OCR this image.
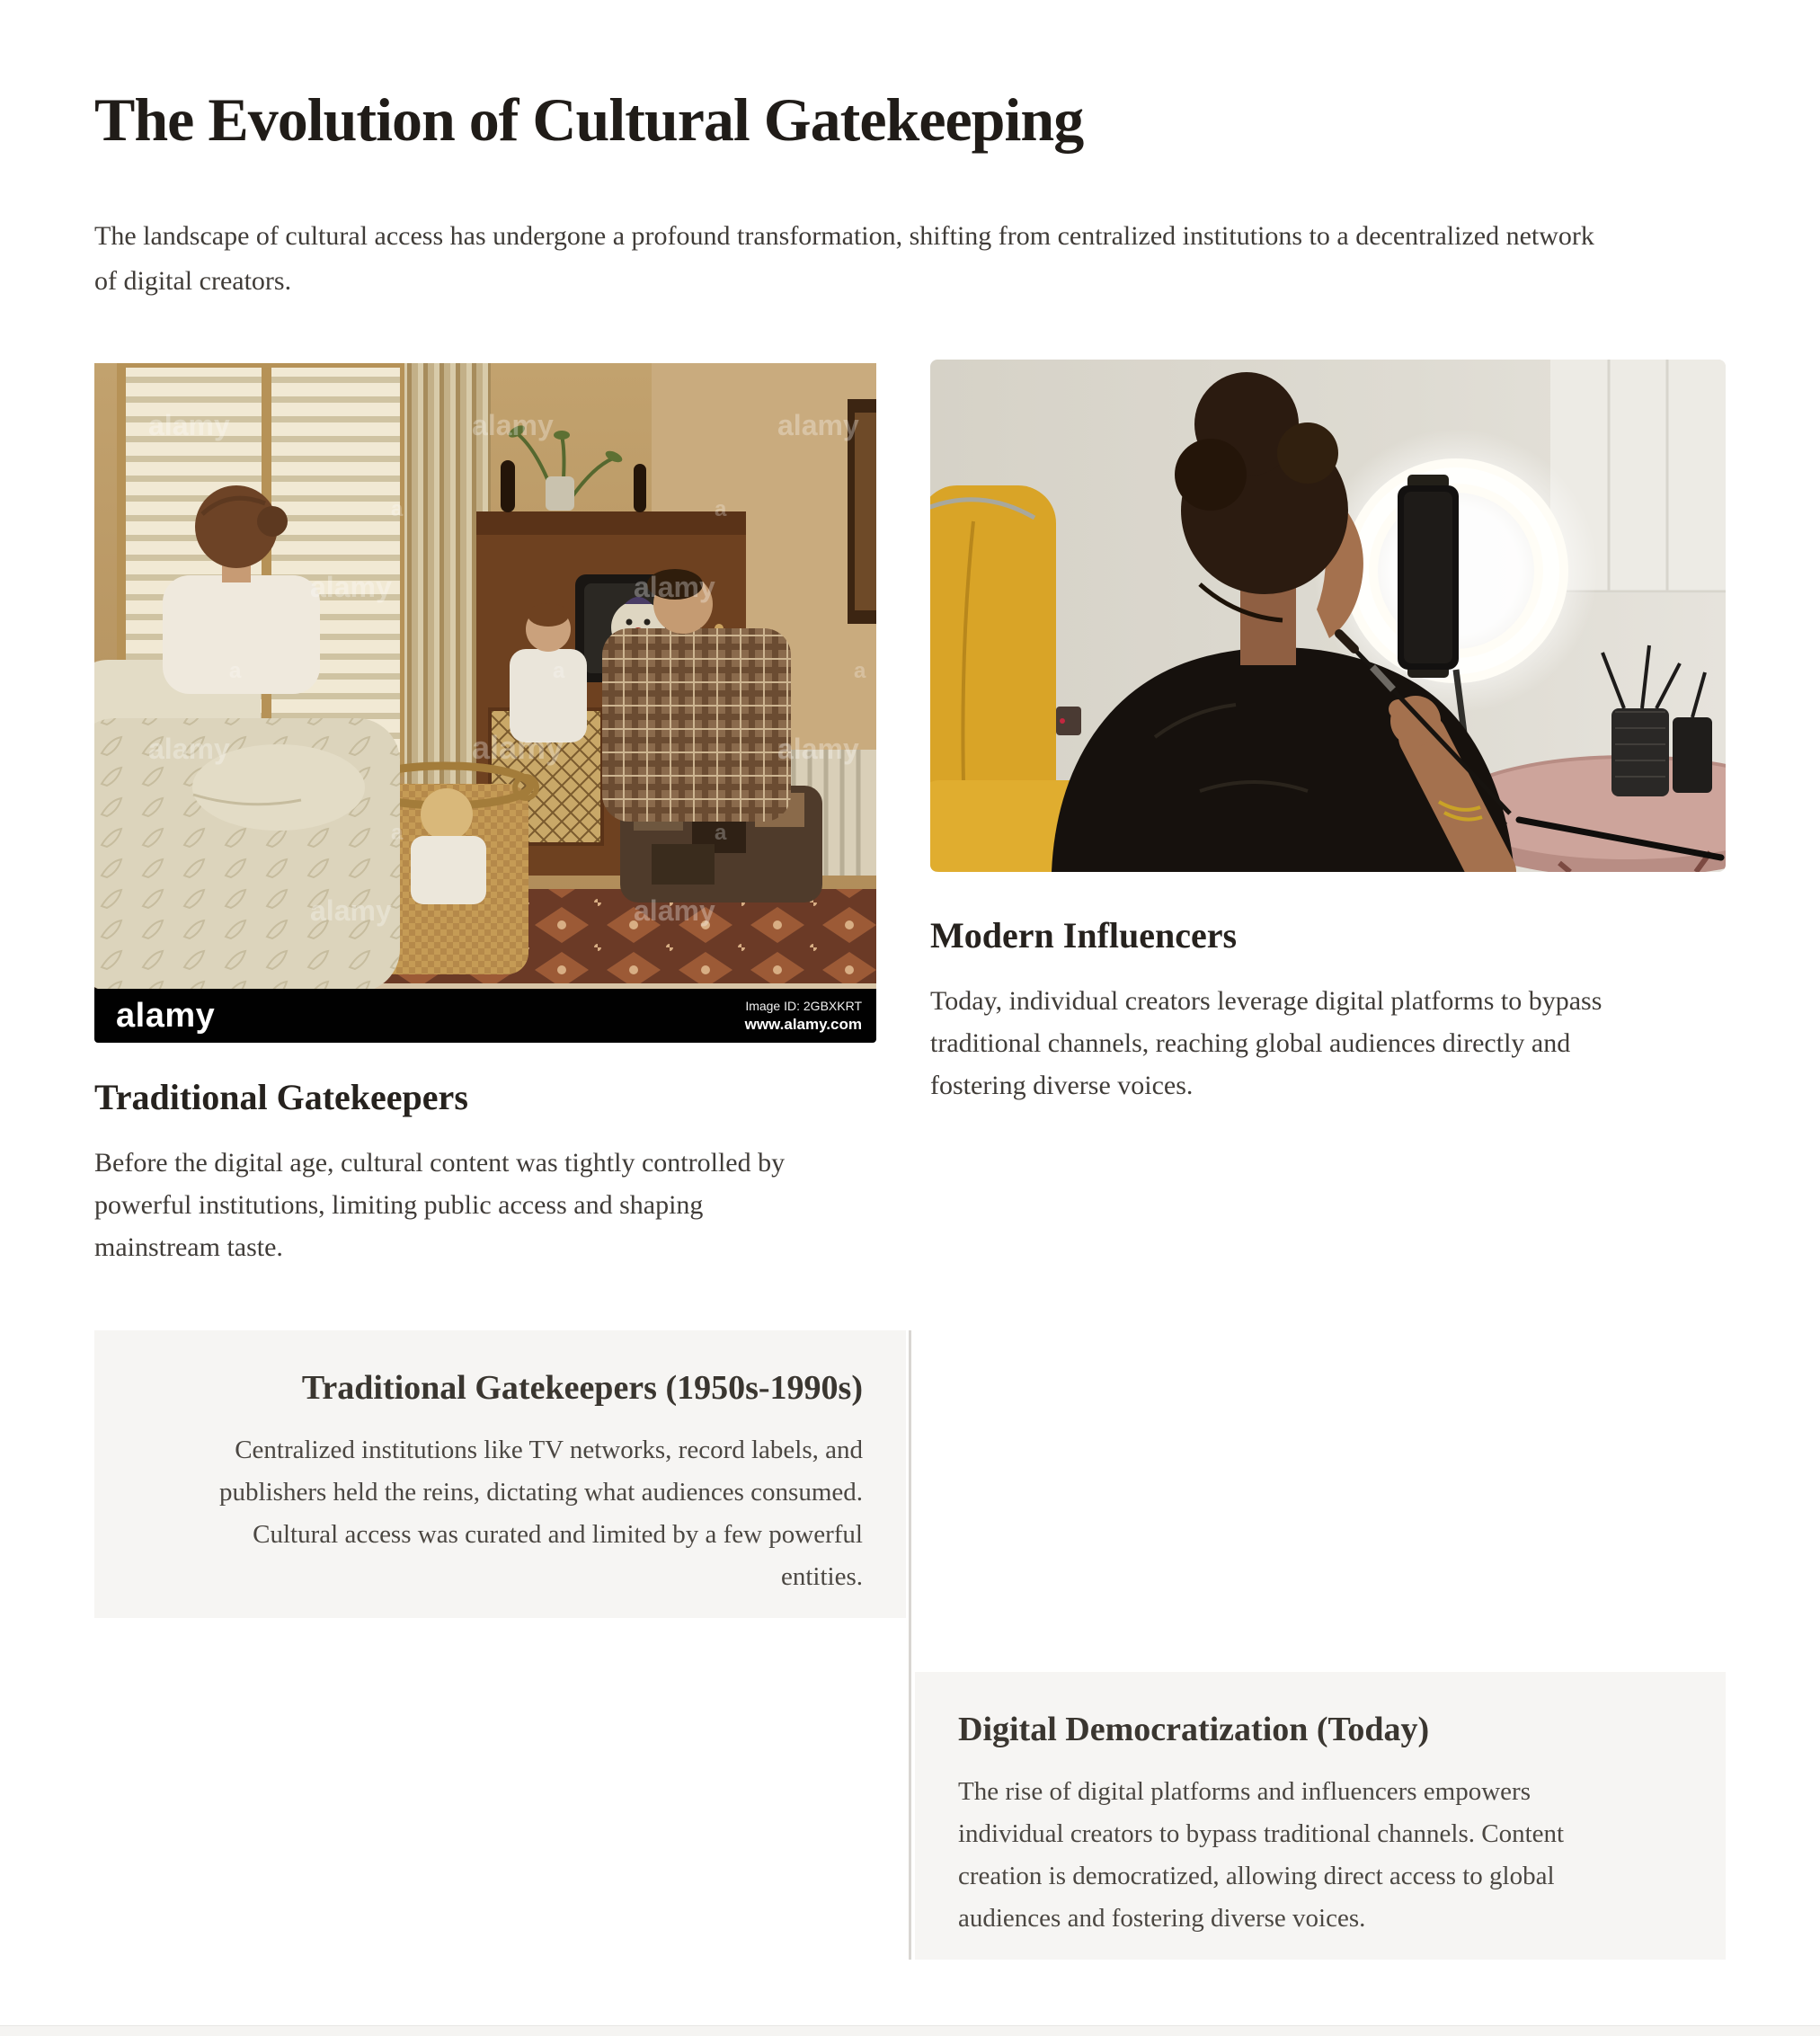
The Evolution of Cultural Gatekeeping

The landscape of cultural access has undergone a profound transformation, shifting from centralized institutions to a decentralized network of digital creators.

alamy	alamy	alamy
alamy	alamy
alamy	alamy	alamy
alamy	alamy
a	a
a	a	a
a	a
alamy	Image ID: 2GBXKRT
www.alamy.com
Modern Influencers

Today, individual creators leverage digital platforms to bypass traditional channels, reaching global audiences directly and fostering diverse voices.

Traditional Gatekeepers

Before the digital age, cultural content was tightly controlled by powerful institutions, limiting public access and shaping mainstream taste.

Traditional Gatekeepers (1950s-1990s)

Centralized institutions like TV networks, record labels, and publishers held the reins, dictating what audiences consumed. Cultural access was curated and limited by a few powerful entities.

Digital Democratization (Today)

The rise of digital platforms and influencers empowers individual creators to bypass traditional channels. Content creation is democratized, allowing direct access to global audiences and fostering diverse voices.
